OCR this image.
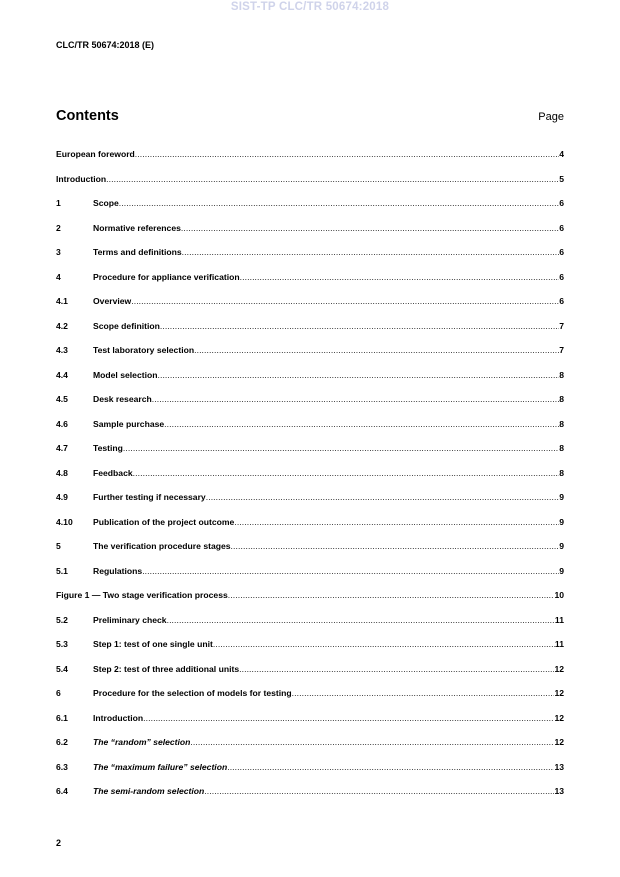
SIST-TP CLC/TR 50674:2018
CLC/TR 50674:2018 (E)
Contents	Page
European foreword .....	4
Introduction .....	5
1	Scope .....	6
2	Normative references .....	6
3	Terms and definitions .....	6
4	Procedure for appliance verification .....	6
4.1	Overview .....	6
4.2	Scope definition .....	7
4.3	Test laboratory selection .....	7
4.4	Model selection .....	8
4.5	Desk research .....	8
4.6	Sample purchase .....	8
4.7	Testing .....	8
4.8	Feedback .....	8
4.9	Further testing if necessary .....	9
4.10	Publication of the project outcome .....	9
5	The verification procedure stages .....	9
5.1	Regulations .....	9
Figure 1 — Two stage verification process .....	10
5.2	Preliminary check .....	11
5.3	Step 1: test of one single unit .....	11
5.4	Step 2: test of three additional units .....	12
6	Procedure for the selection of models for testing .....	12
6.1	Introduction .....	12
6.2	The “random” selection .....	12
6.3	The “maximum failure” selection .....	13
6.4	The semi-random selection .....	13
2
